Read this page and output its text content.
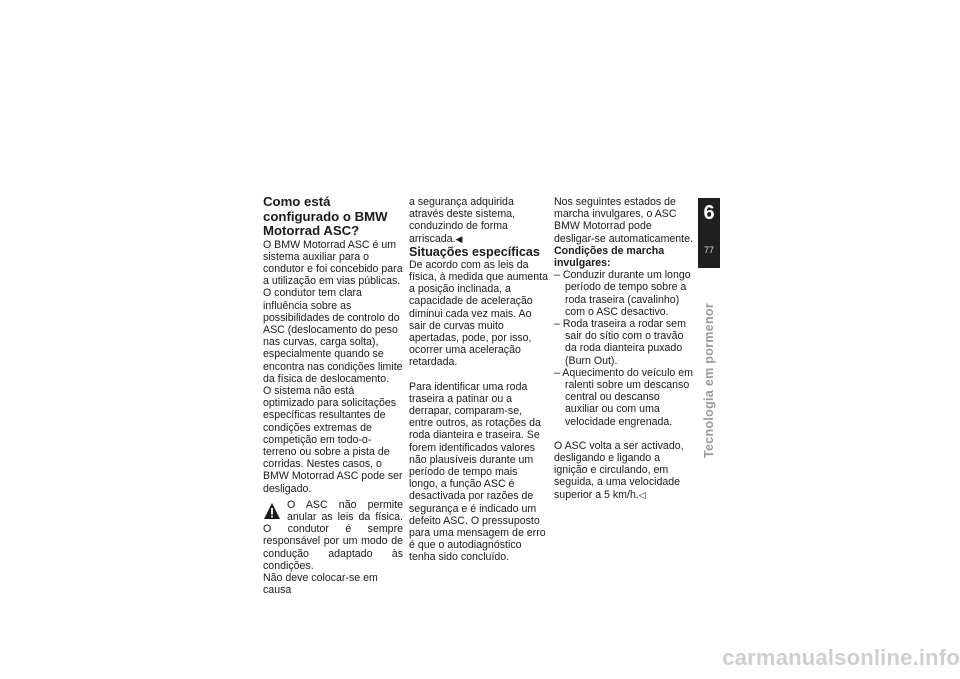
Como está configurado o BMW Motorrad ASC?

O BMW Motorrad ASC é um sistema auxiliar para o condutor e foi concebido para a utilização em vias públicas. O condutor tem clara influência sobre as possibilidades de controlo do ASC (deslocamento do peso nas curvas, carga solta), especialmente quando se encontra nas condições limite da física de deslocamento.

O sistema não está optimizado para solicitações específicas resultantes de condições extremas de competição em todo-o-terreno ou sobre a pista de corridas. Nestes casos, o BMW Motorrad ASC pode ser desligado.

O ASC não permite anular as leis da física. O condutor é sempre responsável por um modo de condução adaptado às condições.

Não deve colocar-se em causa

a segurança adquirida através deste sistema, conduzindo de forma arriscada.◀

Situações específicas

De acordo com as leis da física, à medida que aumenta a posição inclinada, a capacidade de aceleração diminui cada vez mais. Ao sair de curvas muito apertadas, pode, por isso, ocorrer uma aceleração retardada.

Para identificar uma roda traseira a patinar ou a derrapar, comparam-se, entre outros, as rotações da roda dianteira e traseira. Se forem identificados valores não plausíveis durante um período de tempo mais longo, a função ASC é desactivada por razões de segurança e é indicado um defeito ASC. O pressuposto para uma mensagem de erro é que o autodiagnóstico tenha sido concluído.

Nos seguintes estados de marcha invulgares, o ASC BMW Motorrad pode desligar-se automaticamente.

Condições de marcha invulgares:

– Conduzir durante um longo período de tempo sobre a roda traseira (cavalinho) com o ASC desactivo.

– Roda traseira a rodar sem sair do sítio com o travão da roda dianteira puxado (Burn Out).

– Aquecimento do veículo em ralenti sobre um descanso central ou descanso auxiliar ou com uma velocidade engrenada.

O ASC volta a ser activado, desligando e ligando a ignição e circulando, em seguida, a uma velocidade superior a 5 km/h.◁

6
77
Tecnologia em pormenor
carmanualsonline.info
